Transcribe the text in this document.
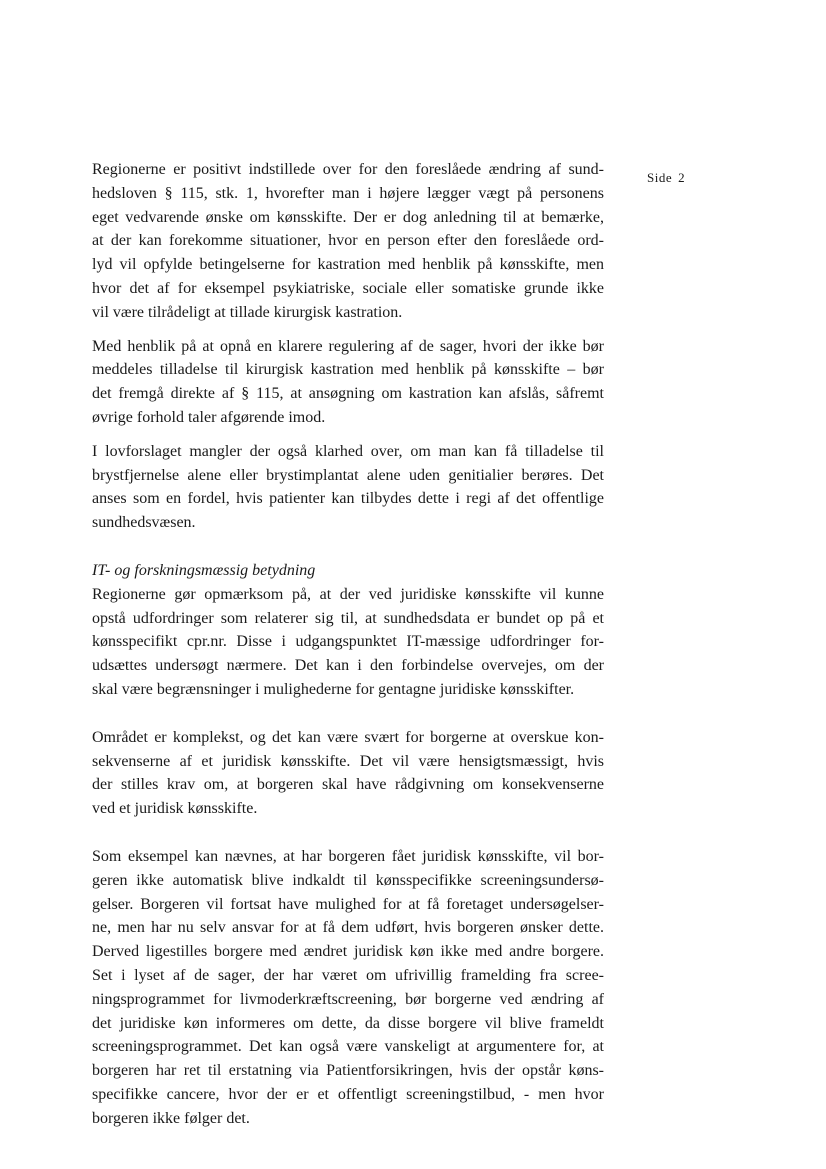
Side 2

Regionerne er positivt indstillede over for den foreslåede ændring af sund-
hedsloven § 115, stk. 1, hvorefter man i højere lægger vægt på personens
eget vedvarende ønske om kønsskifte. Der er dog anledning til at bemærke,
at der kan forekomme situationer, hvor en person efter den foreslåede ord-
lyd vil opfylde betingelserne for kastration med henblik på kønsskifte, men
hvor det af for eksempel psykiatriske, sociale eller somatiske grunde ikke
vil være tilrådeligt at tillade kirurgisk kastration.

Med henblik på at opnå en klarere regulering af de sager, hvori der ikke bør
meddeles tilladelse til kirurgisk kastration med henblik på kønsskifte – bør
det fremgå direkte af § 115, at ansøgning om kastration kan afslås, såfremt
øvrige forhold taler afgørende imod.

I lovforslaget mangler der også klarhed over, om man kan få tilladelse til
brystfjernelse alene eller brystimplantat alene uden genitialier berøres. Det
anses som en fordel, hvis patienter kan tilbydes dette i regi af det offentlige
sundhedsvæsen.

IT- og forskningsmæssig betydning
Regionerne gør opmærksom på, at der ved juridiske kønsskifte vil kunne
opstå udfordringer som relaterer sig til, at sundhedsdata er bundet op på et
kønsspecifikt cpr.nr. Disse i udgangspunktet IT-mæssige udfordringer for-
udsættes undersøgt nærmere. Det kan i den forbindelse overvejes, om der
skal være begrænsninger i mulighederne for gentagne juridiske kønsskifter.

Området er komplekst, og det kan være svært for borgerne at overskue kon-
sekvenserne af et juridisk kønsskifte. Det vil være hensigtsmæssigt, hvis
der stilles krav om, at borgeren skal have rådgivning om konsekvenserne
ved et juridisk kønsskifte.

Som eksempel kan nævnes, at har borgeren fået juridisk kønsskifte, vil bor-
geren ikke automatisk blive indkaldt til kønsspecifikke screeningsundersø-
gelser. Borgeren vil fortsat have mulighed for at få foretaget undersøgelser-
ne, men har nu selv ansvar for at få dem udført, hvis borgeren ønsker dette.
Derved ligestilles borgere med ændret juridisk køn ikke med andre borgere.
Set i lyset af de sager, der har været om ufrivillig framelding fra scree-
ningsprogrammet for livmoderkræftscreening, bør borgerne ved ændring af
det juridiske køn informeres om dette, da disse borgere vil blive frameldt
screeningsprogrammet. Det kan også være vanskeligt at argumentere for, at
borgeren har ret til erstatning via Patientforsikringen, hvis der opstår køns-
specifikke cancere, hvor der er et offentligt screeningstilbud, - men hvor
borgeren ikke følger det.
